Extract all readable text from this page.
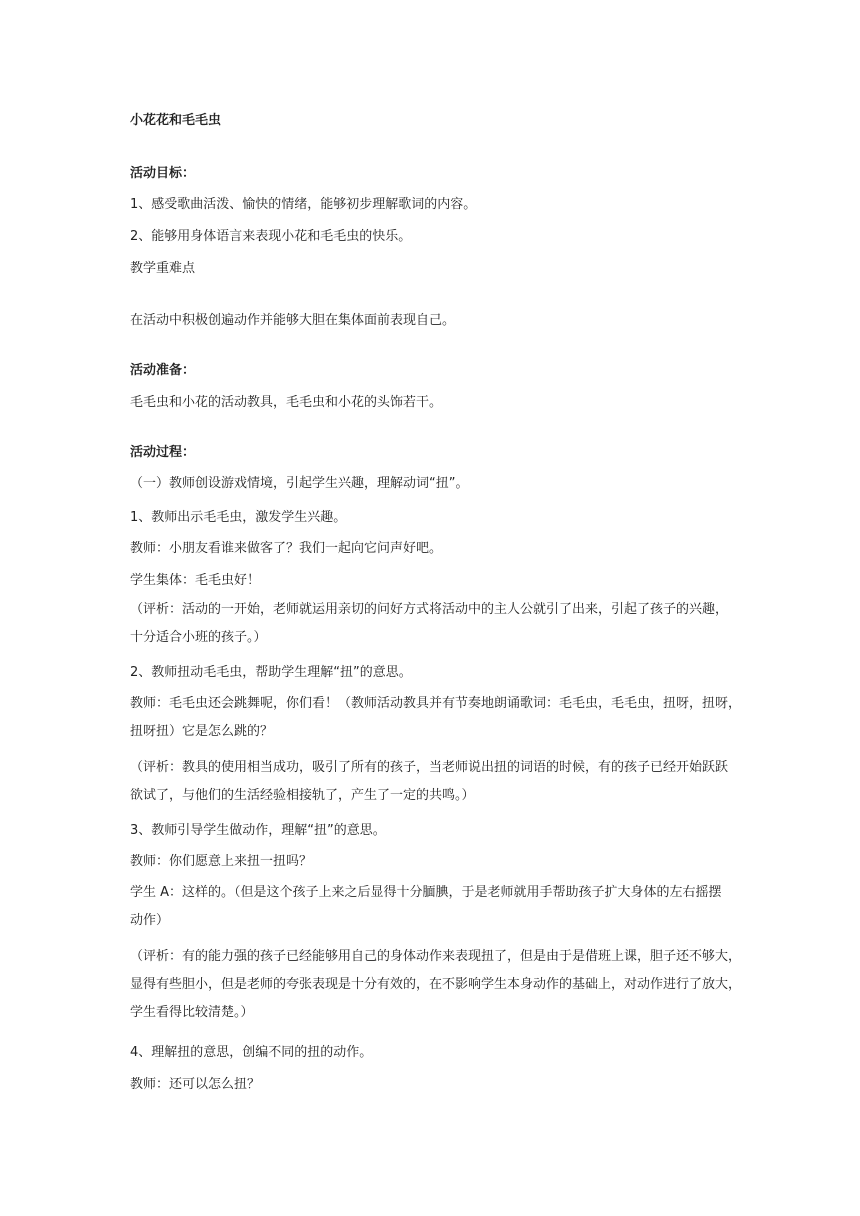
小花花和毛毛虫

活动目标：

1、感受歌曲活泼、愉快的情绪，能够初步理解歌词的内容。

2、能够用身体语言来表现小花和毛毛虫的快乐。

教学重难点

在活动中积极创遍动作并能够大胆在集体面前表现自己。

活动准备：

毛毛虫和小花的活动教具，毛毛虫和小花的头饰若干。

活动过程：

（一）教师创设游戏情境，引起学生兴趣，理解动词“扭”。

1、教师出示毛毛虫，激发学生兴趣。

教师：小朋友看谁来做客了？我们一起向它问声好吧。

学生集体：毛毛虫好！

（评析：活动的一开始，老师就运用亲切的问好方式将活动中的主人公就引了出来，引起了孩子的兴趣，
十分适合小班的孩子。）

2、教师扭动毛毛虫，帮助学生理解“扭”的意思。

教师：毛毛虫还会跳舞呢，你们看！（教师活动教具并有节奏地朗诵歌词：毛毛虫，毛毛虫，扭呀，扭呀，
扭呀扭）它是怎么跳的？
（评析：教具的使用相当成功，吸引了所有的孩子，当老师说出扭的词语的时候，有的孩子已经开始跃跃
欲试了，与他们的生活经验相接轨了，产生了一定的共鸣。）

3、教师引导学生做动作，理解“扭”的意思。

教师：你们愿意上来扭一扭吗？

学生 A：这样的。（但是这个孩子上来之后显得十分腼腆，于是老师就用手帮助孩子扩大身体的左右摇摆
动作）
（评析：有的能力强的孩子已经能够用自己的身体动作来表现扭了，但是由于是借班上课，胆子还不够大，
显得有些胆小，但是老师的夸张表现是十分有效的，在不影响学生本身动作的基础上，对动作进行了放大，
学生看得比较清楚。）

4、理解扭的意思，创编不同的扭的动作。

教师：还可以怎么扭？
